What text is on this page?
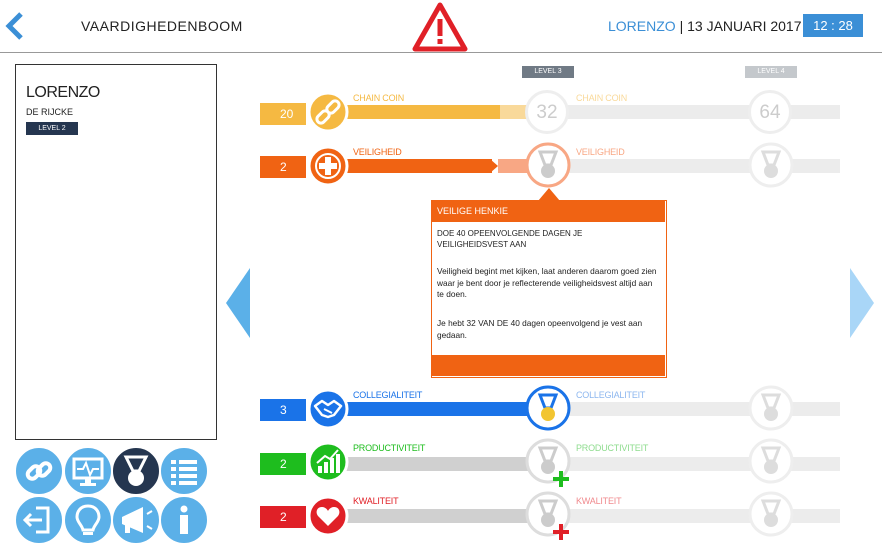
VAARDIGHEDENBOOM	LORENZO | 13 JANUARI 2017 12 : 28
LORENZO
DE RIJCKE
LEVEL 2
LEVEL 3	LEVEL 4
20
CHAIN COIN
32
CHAIN COIN
64
2
VEILIGHEID	VEILIGHEID
VEILIGE HENKIE
DOE 40 OPEENVOLGENDE DAGEN JE VEILIGHEIDSVEST AAN
Veiligheid begint met kijken, laat anderen daarom goed zien waar je bent door je reflecterende veiligheidsvest altijd aan te doen.
Je hebt 32 VAN DE 40 dagen opeenvolgend je vest aan gedaan.
3
COLLEGIALITEIT	COLLEGIALITEIT
2
PRODUCTIVITEIT	PRODUCTIVITEIT
2
KWALITEIT	KWALITEIT
